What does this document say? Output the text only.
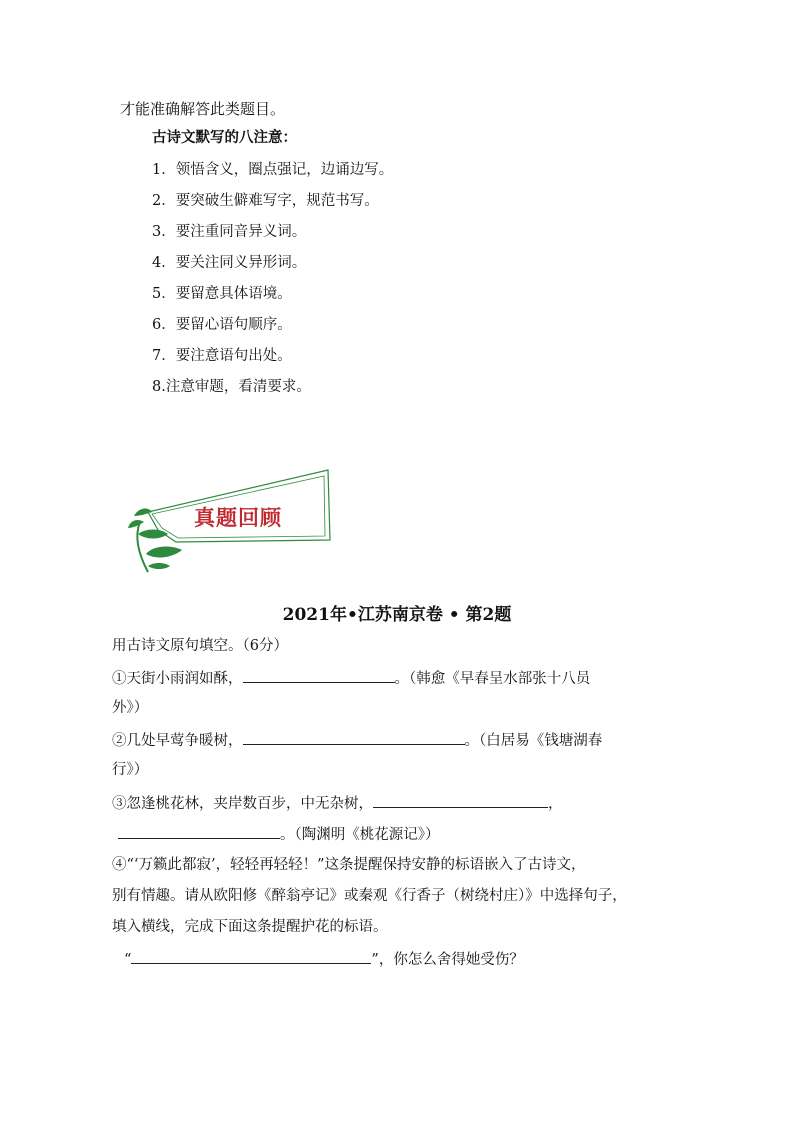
才能准确解答此类题目。
古诗文默写的八注意：
1．领悟含义，圈点强记，边诵边写。
2．要突破生僻难写字，规范书写。
3．要注重同音异义词。
4．要关注同义异形词。
5．要留意具体语境。
6．要留心语句顺序。
7．要注意语句出处。
8.注意审题，看清要求。
真题回顾
2021年•江苏南京卷 • 第2题
用古诗文原句填空。（6分）
①天街小雨润如酥，	。（韩愈《早春呈水部张十八员
外》）
②几处早莺争暖树，	。（白居易《钱塘湖春
行》）
③忽逢桃花林，夹岸数百步，中无杂树，	，
。（陶渊明《桃花源记》）
④“‘万籁此都寂’，轻轻再轻轻！”这条提醒保持安静的标语嵌入了古诗文，
别有情趣。请从欧阳修《醉翁亭记》或秦观《行香子（树绕村庄）》中选择句子，
填入横线，完成下面这条提醒护花的标语。
“	”，你怎么舍得她受伤？
